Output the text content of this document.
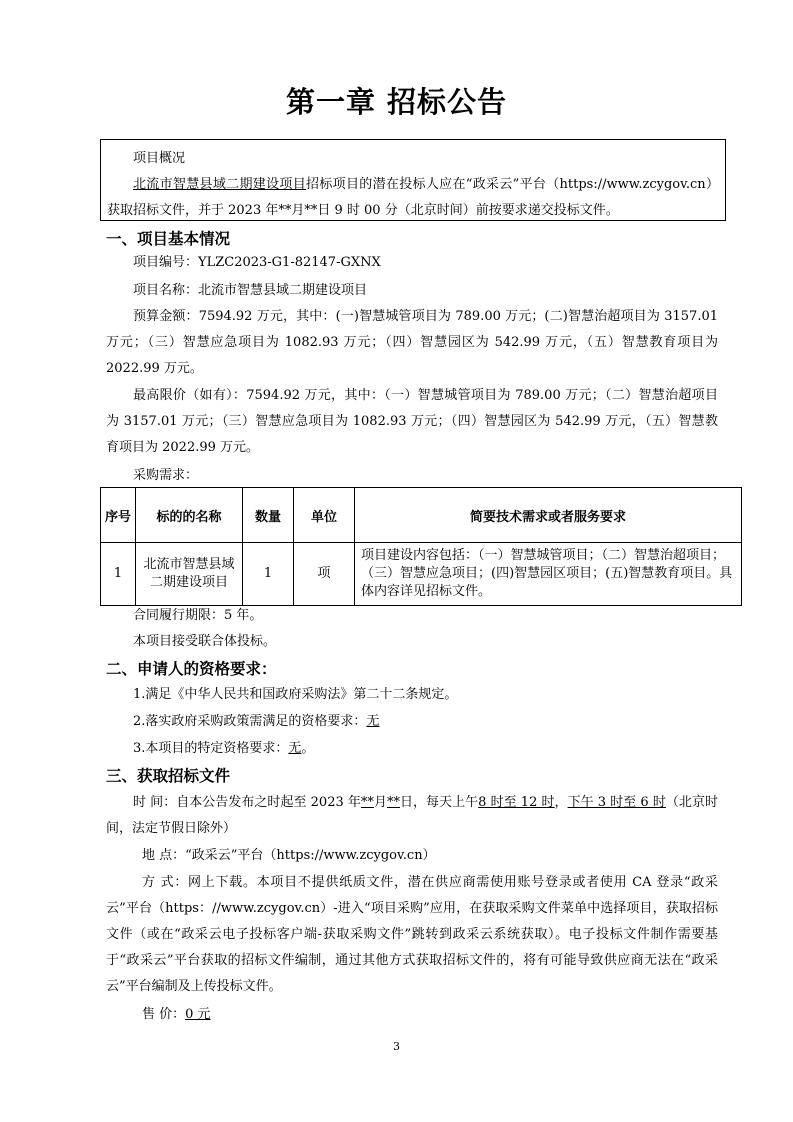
第一章 招标公告
项目概况
北流市智慧县域二期建设项目招标项目的潜在投标人应在“政采云”平台（https://www.zcygov.cn）获取招标文件，并于 2023 年**月**日 9 时 00 分（北京时间）前按要求递交投标文件。
一、项目基本情况
项目编号：YLZC2023-G1-82147-GXNX
项目名称：北流市智慧县域二期建设项目
预算金额：7594.92 万元，其中：(一)智慧城管项目为 789.00 万元；(二)智慧治超项目为 3157.01 万元；（三）智慧应急项目为 1082.93 万元；（四）智慧园区为 542.99 万元，（五）智慧教育项目为 2022.99 万元。
最高限价（如有）：7594.92 万元，其中：（一）智慧城管项目为 789.00 万元；（二）智慧治超项目为 3157.01 万元；（三）智慧应急项目为 1082.93 万元；（四）智慧园区为 542.99 万元，（五）智慧教育项目为 2022.99 万元。
采购需求：
序号	标的的名称	数量	单位	简要技术需求或者服务要求
1	北流市智慧县域二期建设项目	1	项	项目建设内容包括：（一）智慧城管项目；（二）智慧治超项目；（三）智慧应急项目；(四)智慧园区项目；(五)智慧教育项目。具体内容详见招标文件。
合同履行期限：5 年。
本项目接受联合体投标。
二、申请人的资格要求：
1.满足《中华人民共和国政府采购法》第二十二条规定。
2.落实政府采购政策需满足的资格要求：无
3.本项目的特定资格要求：无。
三、获取招标文件
时 间：自本公告发布之时起至 2023 年**月**日，每天上午8 时至 12 时，下午 3 时至 6 时（北京时间，法定节假日除外）
地 点：“政采云”平台（https://www.zcygov.cn）
方 式：网上下载。本项目不提供纸质文件，潜在供应商需使用账号登录或者使用 CA 登录“政采云”平台（https：//www.zcygov.cn）-进入“项目采购”应用，在获取采购文件菜单中选择项目，获取招标文件（或在“政采云电子投标客户端-获取采购文件”跳转到政采云系统获取）。电子投标文件制作需要基于“政采云”平台获取的招标文件编制，通过其他方式获取招标文件的，将有可能导致供应商无法在“政采云”平台编制及上传投标文件。
售 价：0 元
3
